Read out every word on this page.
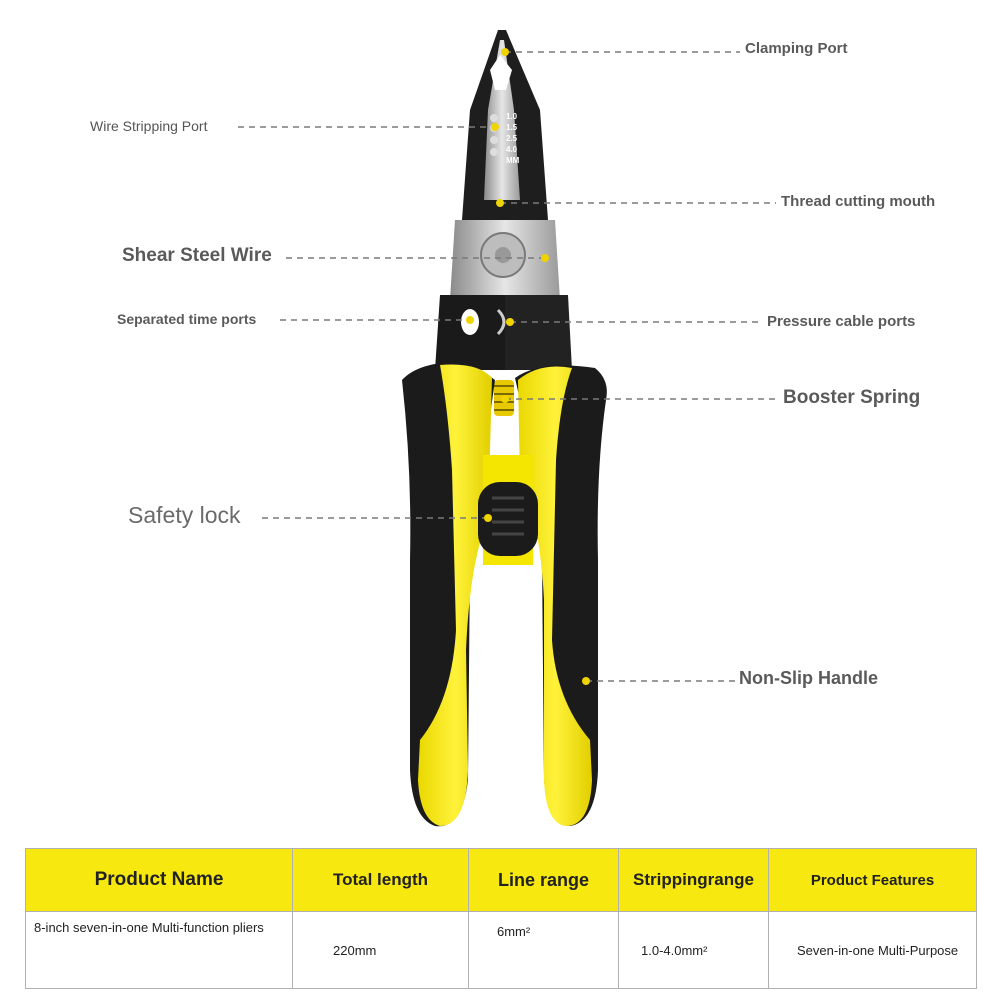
1.0
1.5
2.5
4.0
MM
Clamping Port
Wire Stripping Port
Thread cutting mouth
Shear Steel Wire
Separated time ports	Pressure cable ports
Booster Spring
Safety lock
Non-Slip Handle
Product Name	Total length	Line range	Strippingrange	Product Features
8-inch seven-in-one Multi-function pliers	220mm	6mm²	1.0-4.0mm²	Seven-in-one Multi-Purpose
